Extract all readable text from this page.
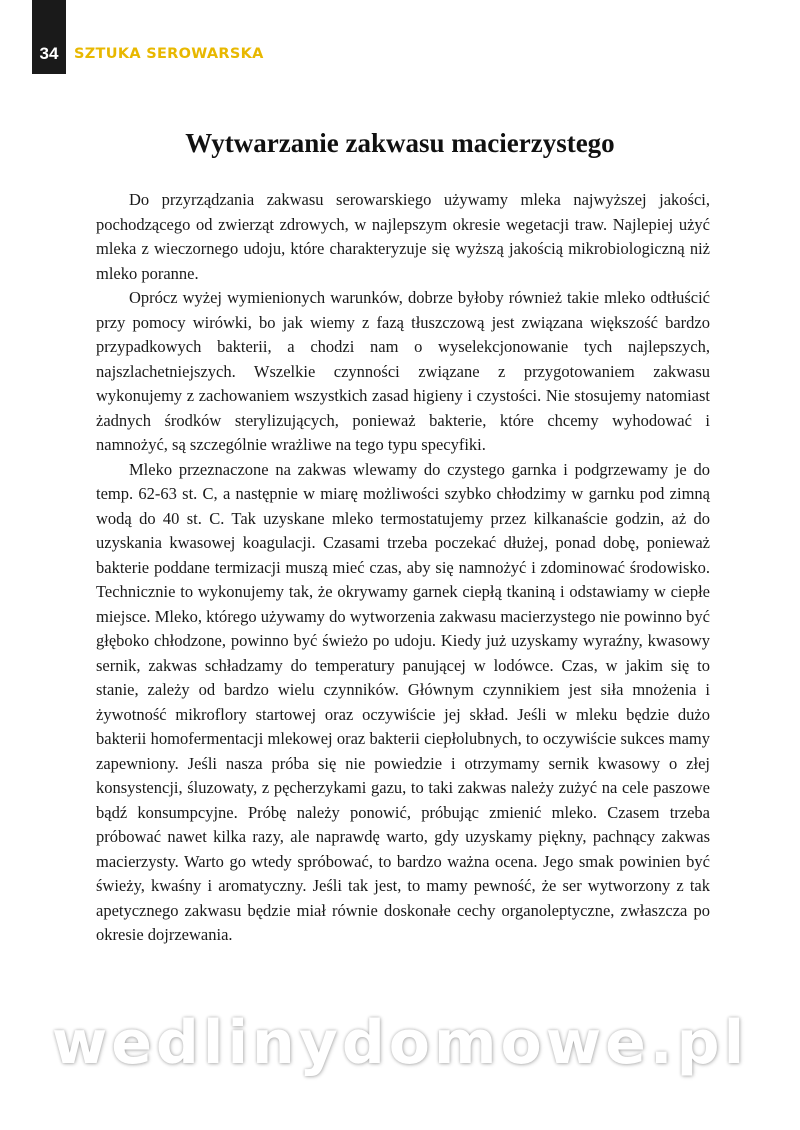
34	SZTUKA SEROWARSKA
Wytwarzanie zakwasu macierzystego

Do przyrządzania zakwasu serowarskiego używamy mleka najwyższej jakości, pochodzącego od zwierząt zdrowych, w najlepszym okresie wegetacji traw. Najlepiej użyć mleka z wieczornego udoju, które charakteryzuje się wyższą jakością mikrobiologiczną niż mleko poranne.

Oprócz wyżej wymienionych warunków, dobrze byłoby również takie mleko odtłuścić przy pomocy wirówki, bo jak wiemy z fazą tłuszczową jest związana większość bardzo przypadkowych bakterii, a chodzi nam o wyselekcjonowanie tych najlepszych, najszlachetniejszych. Wszelkie czynności związane z przygotowaniem zakwasu wykonujemy z zachowaniem wszystkich zasad higieny i czystości. Nie stosujemy natomiast żadnych środków sterylizujących, ponieważ bakterie, które chcemy wyhodować i namnożyć, są szczególnie wrażliwe na tego typu specyfiki.

Mleko przeznaczone na zakwas wlewamy do czystego garnka i podgrzewamy je do temp. 62-63 st. C, a następnie w miarę możliwości szybko chłodzimy w garnku pod zimną wodą do 40 st. C. Tak uzyskane mleko termostatujemy przez kilkanaście godzin, aż do uzyskania kwasowej koagulacji. Czasami trzeba poczekać dłużej, ponad dobę, ponieważ bakterie poddane termizacji muszą mieć czas, aby się namnożyć i zdominować środowisko. Technicznie to wykonujemy tak, że okrywamy garnek ciepłą tkaniną i odstawiamy w ciepłe miejsce. Mleko, którego używamy do wytworzenia zakwasu macierzystego nie powinno być głęboko chłodzone, powinno być świeżo po udoju. Kiedy już uzyskamy wyraźny, kwasowy sernik, zakwas schładzamy do temperatury panującej w lodówce. Czas, w jakim się to stanie, zależy od bardzo wielu czynników. Głównym czynnikiem jest siła mnożenia i żywotność mikroflory startowej oraz oczywiście jej skład. Jeśli w mleku będzie dużo bakterii homofermentacji mlekowej oraz bakterii ciepłolubnych, to oczywiście sukces mamy zapewniony. Jeśli nasza próba się nie powiedzie i otrzymamy sernik kwasowy o złej konsystencji, śluzowaty, z pęcherzykami gazu, to taki zakwas należy zużyć na cele paszowe bądź konsumpcyjne. Próbę należy ponowić, próbując zmienić mleko. Czasem trzeba próbować nawet kilka razy, ale naprawdę warto, gdy uzyskamy piękny, pachnący zakwas macierzysty. Warto go wtedy spróbować, to bardzo ważna ocena. Jego smak powinien być świeży, kwaśny i aromatyczny. Jeśli tak jest, to mamy pewność, że ser wytworzony z tak apetycznego zakwasu będzie miał równie doskonałe cechy organoleptyczne, zwłaszcza po okresie dojrzewania.

wedlinydomowe.pl
